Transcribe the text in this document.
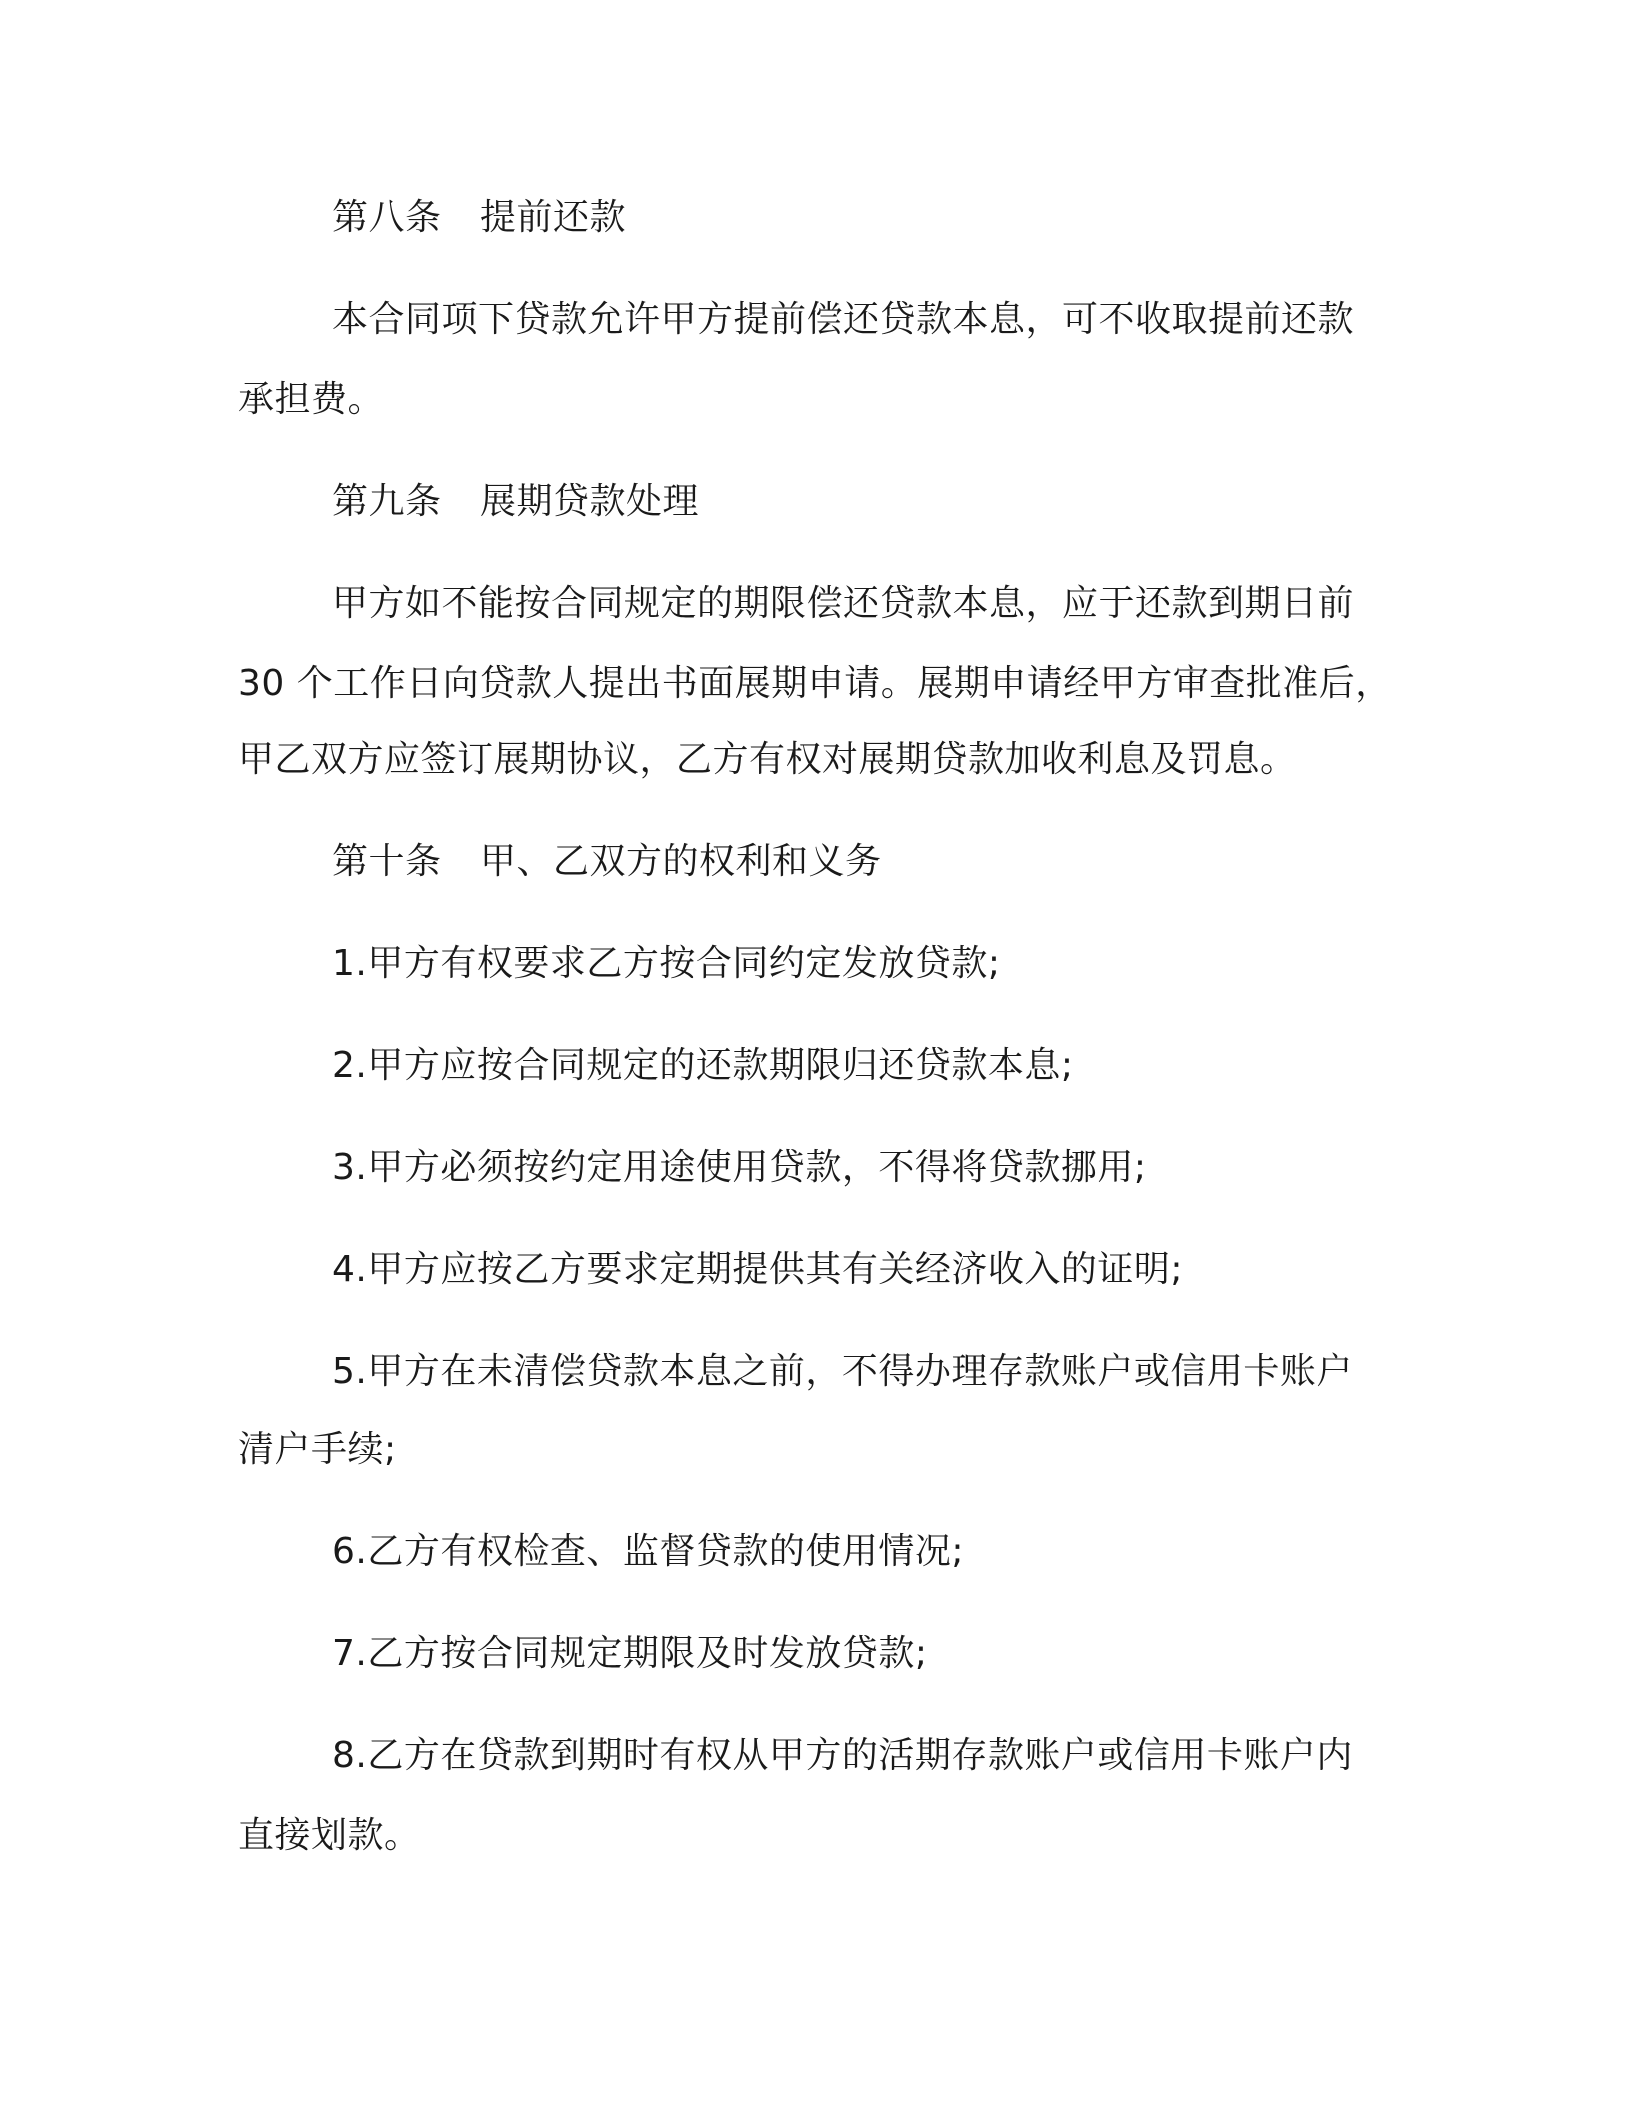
第八条 提前还款

本合同项下贷款允许甲方提前偿还贷款本息，可不收取提前还款

承担费。

第九条 展期贷款处理

甲方如不能按合同规定的期限偿还贷款本息，应于还款到期日前

30 个工作日向贷款人提出书面展期申请。展期申请经甲方审查批准后，

甲乙双方应签订展期协议，乙方有权对展期贷款加收利息及罚息。

第十条 甲、乙双方的权利和义务

1.甲方有权要求乙方按合同约定发放贷款;

2.甲方应按合同规定的还款期限归还贷款本息;

3.甲方必须按约定用途使用贷款，不得将贷款挪用;

4.甲方应按乙方要求定期提供其有关经济收入的证明;

5.甲方在未清偿贷款本息之前，不得办理存款账户或信用卡账户

清户手续;

6.乙方有权检查、监督贷款的使用情况;

7.乙方按合同规定期限及时发放贷款;

8.乙方在贷款到期时有权从甲方的活期存款账户或信用卡账户内

直接划款。
